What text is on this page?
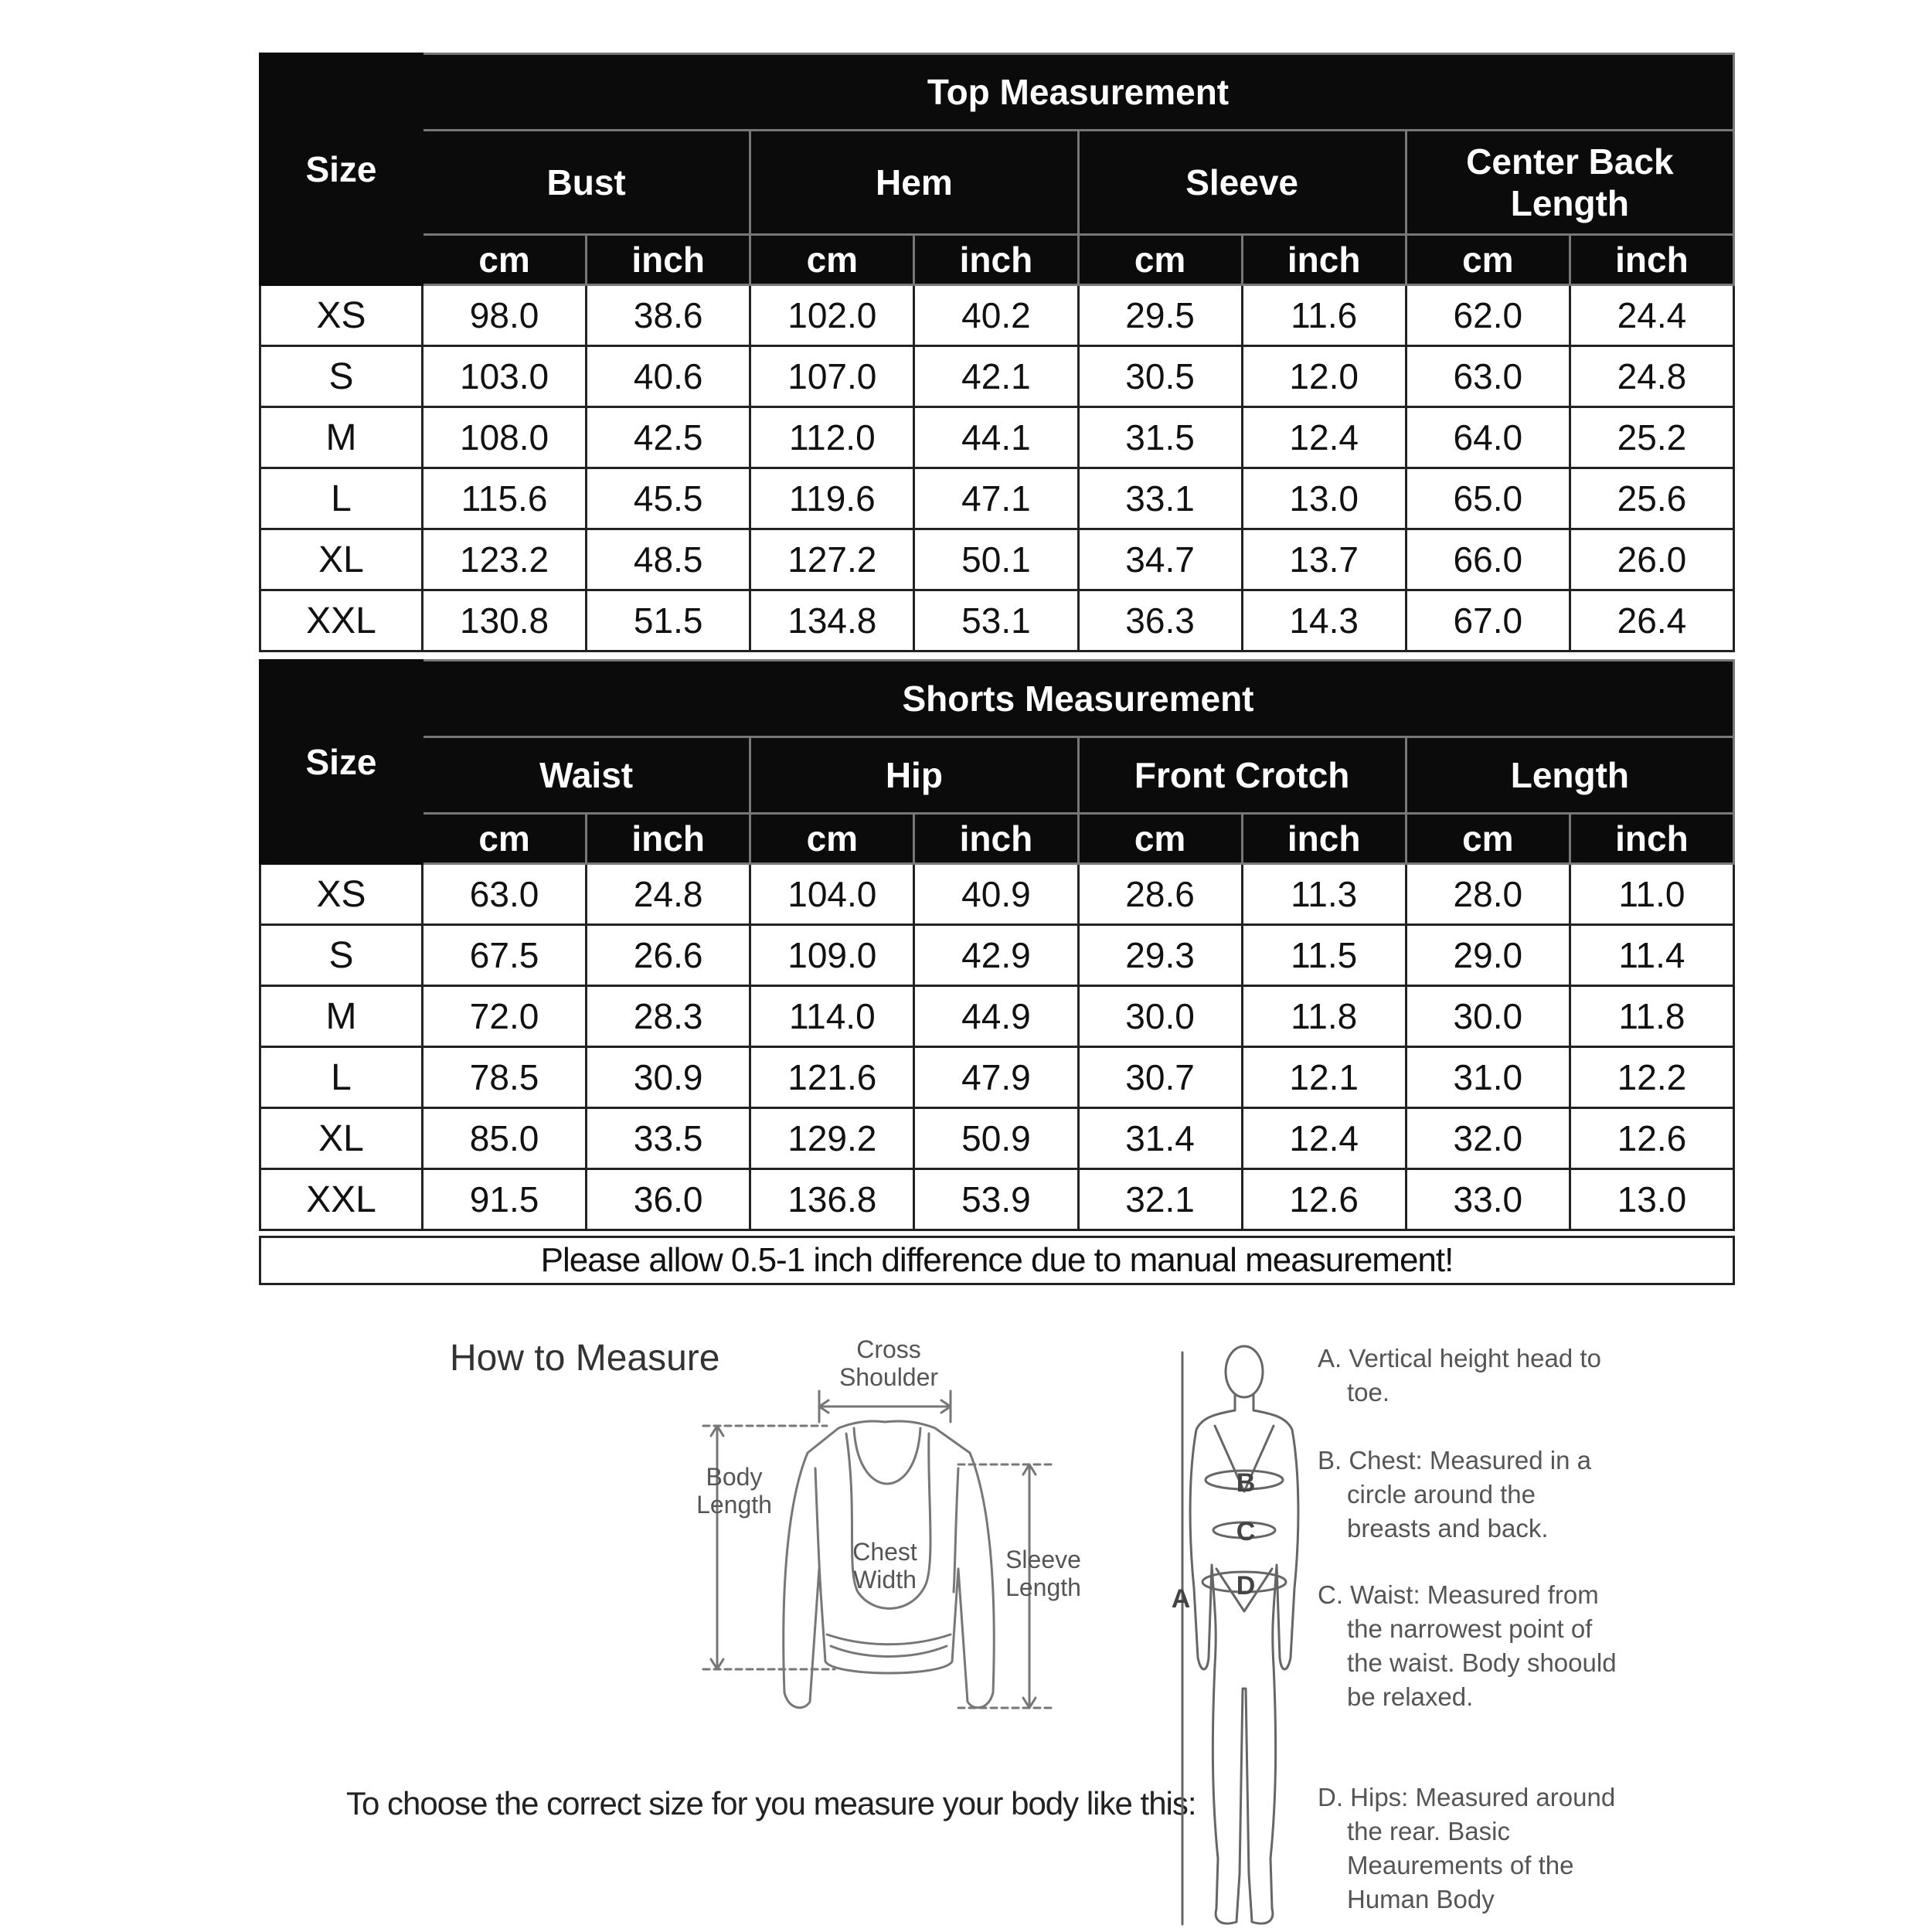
Size	Top Measurement							
	Bust		Hem		Sleeve		Center Back Length	
	cm	inch	cm	inch	cm	inch	cm	inch
XS	98.0	38.6	102.0	40.2	29.5	11.6	62.0	24.4
S	103.0	40.6	107.0	42.1	30.5	12.0	63.0	24.8
M	108.0	42.5	112.0	44.1	31.5	12.4	64.0	25.2
L	115.6	45.5	119.6	47.1	33.1	13.0	65.0	25.6
XL	123.2	48.5	127.2	50.1	34.7	13.7	66.0	26.0
XXL	130.8	51.5	134.8	53.1	36.3	14.3	67.0	26.4
Size	Shorts Measurement							
	Waist		Hip		Front Crotch		Length	
	cm	inch	cm	inch	cm	inch	cm	inch
XS	63.0	24.8	104.0	40.9	28.6	11.3	28.0	11.0
S	67.5	26.6	109.0	42.9	29.3	11.5	29.0	11.4
M	72.0	28.3	114.0	44.9	30.0	11.8	30.0	11.8
L	78.5	30.9	121.6	47.9	30.7	12.1	31.0	12.2
XL	85.0	33.5	129.2	50.9	31.4	12.4	32.0	12.6
XXL	91.5	36.0	136.8	53.9	32.1	12.6	33.0	13.0
Please allow 0.5-1 inch difference due to manual measurement!
How to Measure	Cross Shoulder
Body Length
Chest Width
Sleeve Length
To choose the correct size for you measure your body like this:
B
C
D
A
A. Vertical height head to toe.
B. Chest: Measured in a circle around the breasts and back.
C. Waist: Measured from the narrowest point of the waist. Body shoould be relaxed.
D. Hips: Measured around the rear. Basic Meaurements of the Human Body
